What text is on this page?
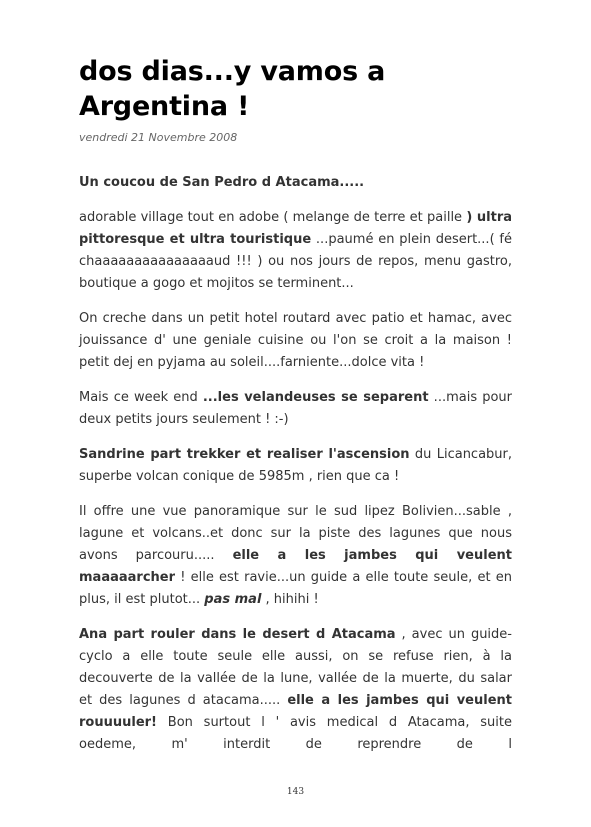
dos dias...y vamos a Argentina !
vendredi 21 Novembre 2008

Un coucou de San Pedro d Atacama.....

adorable village tout en adobe ( melange de terre et paille ) ultra pittoresque et ultra touristique ...paumé en plein desert...( fé chaaaaaaaaaaaaaaaud !!! ) ou nos jours de repos, menu gastro, boutique a gogo et mojitos se terminent...

On creche dans un petit hotel routard avec patio et hamac, avec jouissance d' une geniale cuisine ou l'on se croit a la maison ! petit dej en pyjama au soleil....farniente...dolce vita !

Mais ce week end ...les velandeuses se separent ...mais pour deux petits jours seulement ! :-)

Sandrine part trekker et realiser l'ascension du Licancabur, superbe volcan conique de 5985m , rien que ca !

Il offre une vue panoramique sur le sud lipez Bolivien...sable , lagune et volcans..et donc sur la piste des lagunes que nous avons parcouru..... elle a les jambes qui veulent maaaaarcher ! elle est ravie...un guide a elle toute seule, et en plus, il est plutot... pas mal , hihihi !

Ana part rouler dans le desert d Atacama , avec un guide-cyclo a elle toute seule elle aussi, on se refuse rien, à la decouverte de la vallée de la lune, vallée de la muerte, du salar et des lagunes d atacama..... elle a les jambes qui veulent rouuuuler! Bon surtout l ' avis medical d Atacama, suite oedeme, m' interdit de reprendre de l

143
